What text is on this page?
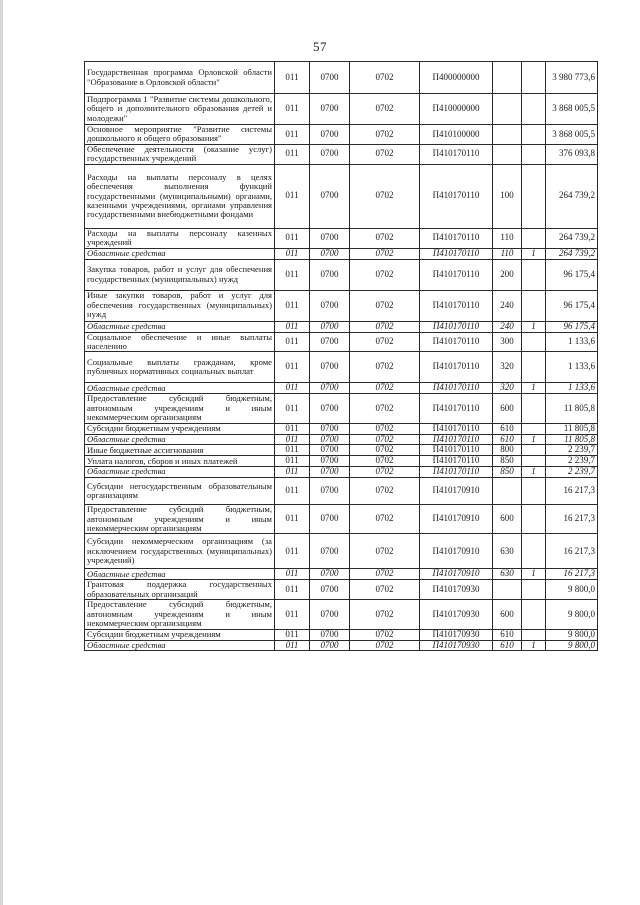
57
Государственная программа Орловской области "Образование в Орловской области"	011	0700	0702	П400000000			3 980 773,6
Подпрограмма 1 "Развитие системы дошкольного, общего и дополнительного образования детей и молодежи"	011	0700	0702	П410000000			3 868 005,5
Основное мероприятие "Развитие системы дошкольного и общего образования"	011	0700	0702	П410100000			3 868 005,5
Обеспечение деятельности (оказание услуг) государственных учреждений	011	0700	0702	П410170110			376 093,8
Расходы на выплаты персоналу в целях обеспечения выполнения функций государственными (муниципальными) органами, казенными учреждениями, органами управления государственными внебюджетными фондами	011	0700	0702	П410170110	100		264 739,2
Расходы на выплаты персоналу казенных учреждений	011	0700	0702	П410170110	110		264 739,2
Областные средства	011	0700	0702	П410170110	110	1	264 739,2
Закупка товаров, работ и услуг для обеспечения государственных (муниципальных) нужд	011	0700	0702	П410170110	200		96 175,4
Иные закупки товаров, работ и услуг для обеспечения государственных (муниципальных) нужд	011	0700	0702	П410170110	240		96 175,4
Областные средства	011	0700	0702	П410170110	240	1	96 175,4
Социальное обеспечение и иные выплаты населению	011	0700	0702	П410170110	300		1 133,6
Социальные выплаты гражданам, кроме публичных нормативных социальных выплат	011	0700	0702	П410170110	320		1 133,6
Областные средства	011	0700	0702	П410170110	320	1	1 133,6
Предоставление субсидий бюджетным, автономным учреждениям и иным некоммерческим организациям	011	0700	0702	П410170110	600		11 805,8
Субсидии бюджетным учреждениям	011	0700	0702	П410170110	610		11 805,8
Областные средства	011	0700	0702	П410170110	610	1	11 805,8
Иные бюджетные ассигнования	011	0700	0702	П410170110	800		2 239,7
Уплата налогов, сборов и иных платежей	011	0700	0702	П410170110	850		2 239,7
Областные средства	011	0700	0702	П410170110	850	1	2 239,7
Субсидии негосударственным образовательным организациям	011	0700	0702	П410170910			16 217,3
Предоставление субсидий бюджетным, автономным учреждениям и иным некоммерческим организациям	011	0700	0702	П410170910	600		16 217,3
Субсидии некоммерческим организациям (за исключением государственных (муниципальных) учреждений)	011	0700	0702	П410170910	630		16 217,3
Областные средства	011	0700	0702	П410170910	630	1	16 217,3
Грантовая поддержка государственных образовательных организаций	011	0700	0702	П410170930			9 800,0
Предоставление субсидий бюджетным, автономным учреждениям и иным некоммерческим организациям	011	0700	0702	П410170930	600		9 800,0
Субсидии бюджетным учреждениям	011	0700	0702	П410170930	610		9 800,0
Областные средства	011	0700	0702	П410170930	610	1	9 800,0
